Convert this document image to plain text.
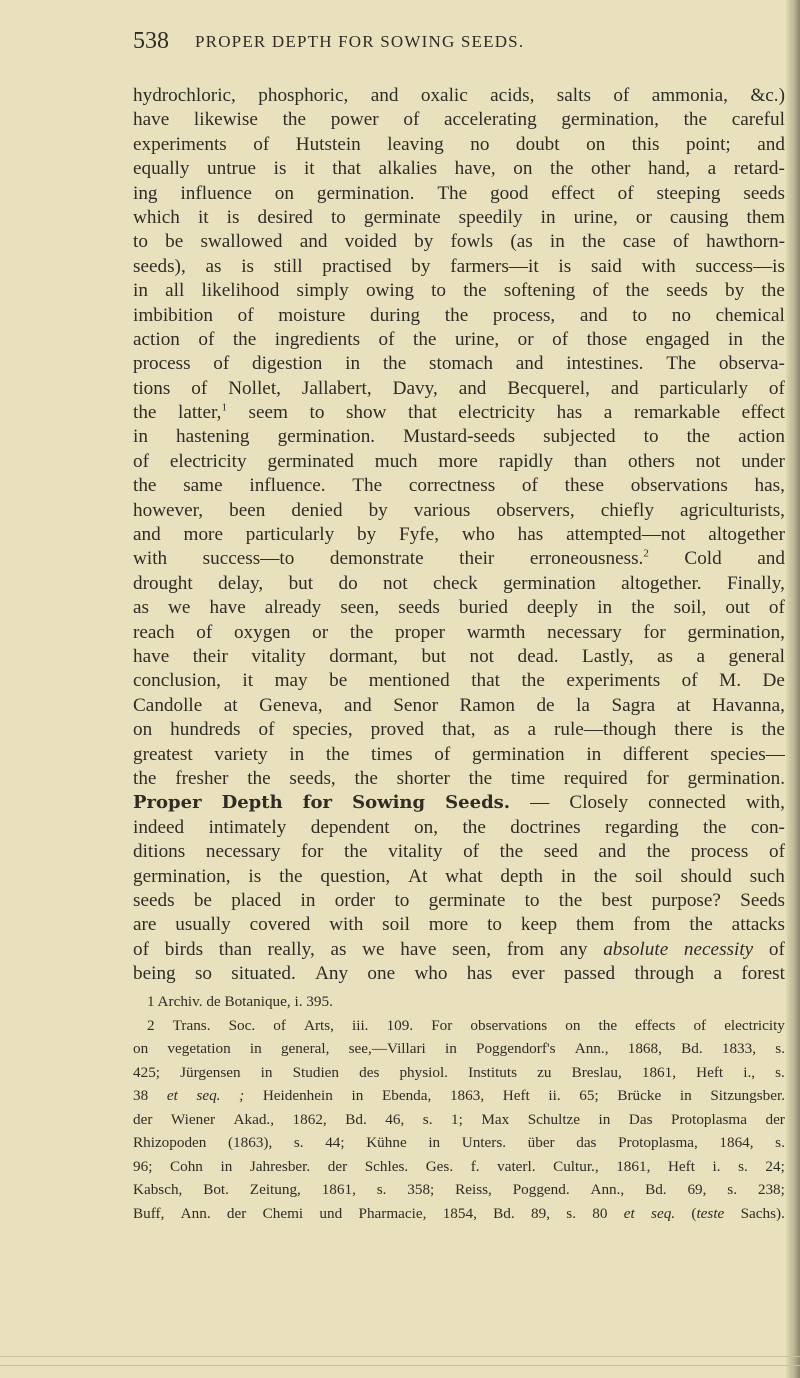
538 PROPER DEPTH FOR SOWING SEEDS.
hydrochloric, phosphoric, and oxalic acids, salts of ammonia, &c.)
have likewise the power of accelerating germination, the careful
experiments of Hutstein leaving no doubt on this point; and
equally untrue is it that alkalies have, on the other hand, a retard-
ing influence on germination. The good effect of steeping seeds
which it is desired to germinate speedily in urine, or causing them
to be swallowed and voided by fowls (as in the case of hawthorn-
seeds), as is still practised by farmers—it is said with success—is
in all likelihood simply owing to the softening of the seeds by the
imbibition of moisture during the process, and to no chemical
action of the ingredients of the urine, or of those engaged in the
process of digestion in the stomach and intestines. The observa-
tions of Nollet, Jallabert, Davy, and Becquerel, and particularly of
the latter,$^1$ seem to show that electricity has a remarkable effect
in hastening germination. Mustard-seeds subjected to the action
of electricity germinated much more rapidly than others not under
the same influence. The correctness of these observations has,
however, been denied by various observers, chiefly agriculturists,
and more particularly by Fyfe, who has attempted—not altogether
with success—to demonstrate their erroneousness.$^2$ Cold and
drought delay, but do not check germination altogether. Finally,
as we have already seen, seeds buried deeply in the soil, out of
reach of oxygen or the proper warmth necessary for germination,
have their vitality dormant, but not dead. Lastly, as a general
conclusion, it may be mentioned that the experiments of M. De
Candolle at Geneva, and Senor Ramon de la Sagra at Havanna,
on hundreds of species, proved that, as a rule—though there is the
greatest variety in the times of germination in different species—
the fresher the seeds, the shorter the time required for germination.
Proper Depth for Sowing Seeds. — Closely connected with,
indeed intimately dependent on, the doctrines regarding the con-
ditions necessary for the vitality of the seed and the process of
germination, is the question, At what depth in the soil should such
seeds be placed in order to germinate to the best purpose? Seeds
are usually covered with soil more to keep them from the attacks
of birds than really, as we have seen, from any absolute necessity of
being so situated. Any one who has ever passed through a forest
1 Archiv. de Botanique, i. 395.
2 Trans. Soc. of Arts, iii. 109. For observations on the effects of electricity
on vegetation in general, see,—Villari in Poggendorf's Ann., 1868, Bd. 1833, s.
425; Jürgensen in Studien des physiol. Instituts zu Breslau, 1861, Heft i., s.
38 et seq. ; Heidenhein in Ebenda, 1863, Heft ii. 65; Brücke in Sitzungsber.
der Wiener Akad., 1862, Bd. 46, s. 1; Max Schultze in Das Protoplasma der
Rhizopoden (1863), s. 44; Kühne in Unters. über das Protoplasma, 1864, s.
96; Cohn in Jahresber. der Schles. Ges. f. vaterl. Cultur., 1861, Heft i. s. 24;
Kabsch, Bot. Zeitung, 1861, s. 358; Reiss, Poggend. Ann., Bd. 69, s. 238;
Buff, Ann. der Chemi und Pharmacie, 1854, Bd. 89, s. 80 et seq. (teste Sachs).
